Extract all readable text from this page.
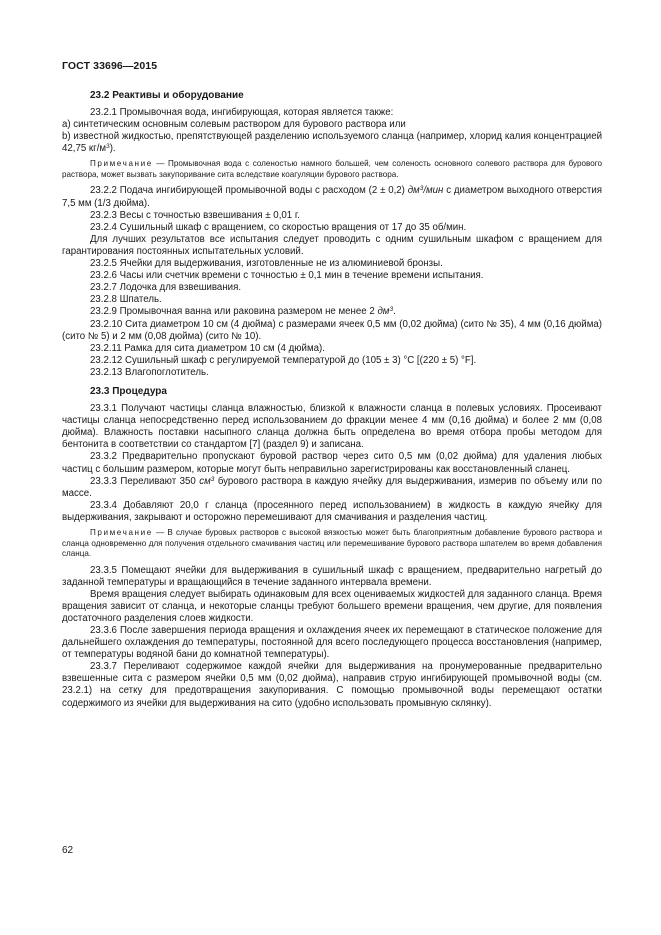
ГОСТ 33696—2015
23.2 Реактивы и оборудование

23.2.1 Промывочная вода, ингибирующая, которая является также:

a) синтетическим основным солевым раствором для бурового раствора или

b) известной жидкостью, препятствующей разделению используемого сланца (например, хлорид калия концентрацией 42,75 $кг/м^3$).

Примечание — Промывочная вода с соленостью намного большей, чем соленость основного солевого раствора для бурового раствора, может вызвать закупоривание сита вследствие коагуляции бурового раствора.

23.2.2 Подача ингибирующей промывочной воды с расходом (2 ± 0,2) $дм^3$/мин с диаметром выходного отверстия 7,5 мм (1/3 дюйма).

23.2.3 Весы с точностью взвешивания ± 0,01 г.

23.2.4 Сушильный шкаф с вращением, со скоростью вращения от 17 до 35 об/мин.

Для лучших результатов все испытания следует проводить с одним сушильным шкафом с вращением для гарантирования постоянных испытательных условий.

23.2.5 Ячейки для выдерживания, изготовленные не из алюминиевой бронзы.

23.2.6 Часы или счетчик времени с точностью ± 0,1 мин в течение времени испытания.

23.2.7 Лодочка для взвешивания.

23.2.8 Шпатель.

23.2.9 Промывочная ванна или раковина размером не менее 2 $дм^3$.

23.2.10 Сита диаметром 10 см (4 дюйма) с размерами ячеек 0,5 мм (0,02 дюйма) (сито № 35), 4 мм (0,16 дюйма) (сито № 5) и 2 мм (0,08 дюйма) (сито № 10).

23.2.11 Рамка для сита диаметром 10 см (4 дюйма).

23.2.12 Сушильный шкаф с регулируемой температурой до (105 ± 3) °С [(220 ± 5) °F].

23.2.13 Влагопоглотитель.

23.3 Процедура

23.3.1 Получают частицы сланца влажностью, близкой к влажности сланца в полевых условиях. Просеивают частицы сланца непосредственно перед использованием до фракции менее 4 мм (0,16 дюйма) и более 2 мм (0,08 дюйма). Влажность поставки насыпного сланца должна быть определена во время отбора пробы методом для бентонита в соответствии со стандартом [7] (раздел 9) и записана.

23.3.2 Предварительно пропускают буровой раствор через сито 0,5 мм (0,02 дюйма) для удаления любых частиц с большим размером, которые могут быть неправильно зарегистрированы как восстановленный сланец.

23.3.3 Переливают 350 $см^3$ бурового раствора в каждую ячейку для выдерживания, измерив по объему или по массе.

23.3.4 Добавляют 20,0 г сланца (просеянного перед использованием) в жидкость в каждую ячейку для выдерживания, закрывают и осторожно перемешивают для смачивания и разделения частиц.

Примечание — В случае буровых растворов с высокой вязкостью может быть благоприятным добавление бурового раствора и сланца одновременно для получения отдельного смачивания частиц или перемешивание бурового раствора шпателем во время добавления сланца.

23.3.5 Помещают ячейки для выдерживания в сушильный шкаф с вращением, предварительно нагретый до заданной температуры и вращающийся в течение заданного интервала времени.

Время вращения следует выбирать одинаковым для всех оцениваемых жидкостей для заданного сланца. Время вращения зависит от сланца, и некоторые сланцы требуют большего времени вращения, чем другие, для появления достаточного разделения слоев жидкости.

23.3.6 После завершения периода вращения и охлаждения ячеек их перемещают в статическое положение для дальнейшего охлаждения до температуры, постоянной для всего последующего процесса восстановления (например, от температуры водяной бани до комнатной температуры).

23.3.7 Переливают содержимое каждой ячейки для выдерживания на пронумерованные предварительно взвешенные сита с размером ячейки 0,5 мм (0,02 дюйма), направив струю ингибирующей промывочной воды (см. 23.2.1) на сетку для предотвращения закупоривания. С помощью промывочной воды перемещают остатки содержимого из ячейки для выдерживания на сито (удобно использовать промывную склянку).

62
